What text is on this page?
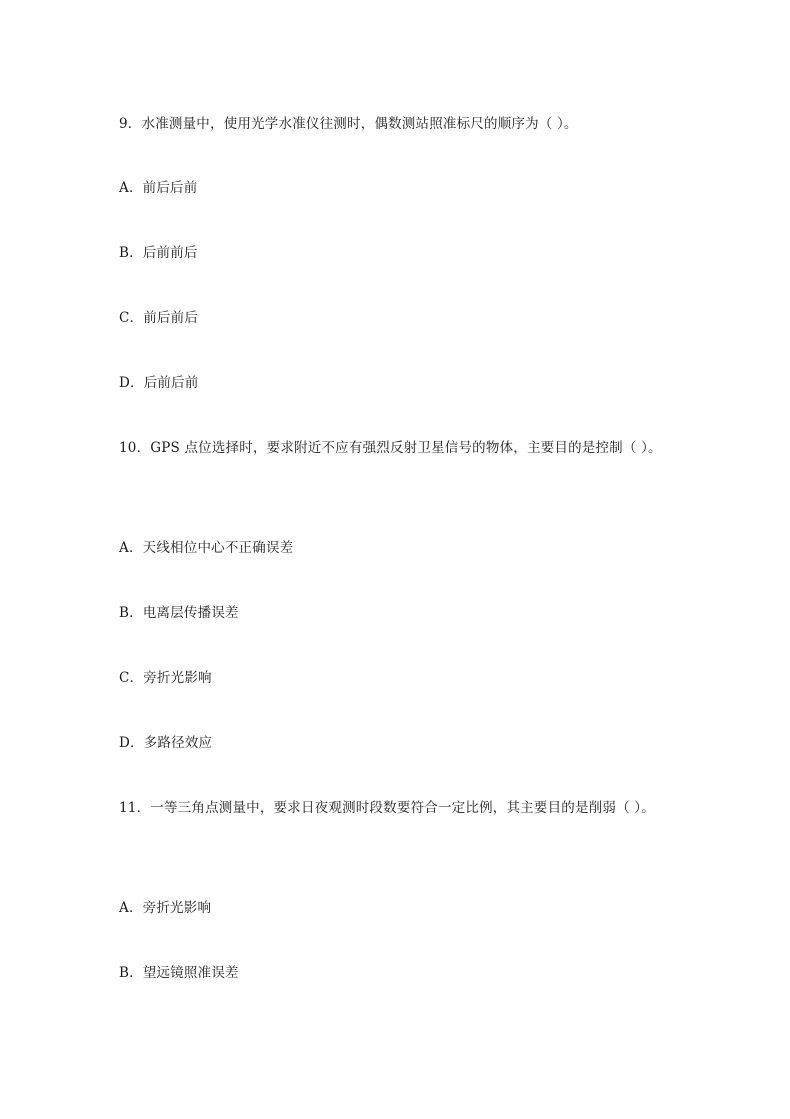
9．水准测量中，使用光学水准仪往测时，偶数测站照准标尺的顺序为（ ）。

A．前后后前

B．后前前后

C．前后前后

D．后前后前

10．GPS 点位选择时，要求附近不应有强烈反射卫星信号的物体，主要目的是控制（ ）。

A．天线相位中心不正确误差

B．电离层传播误差

C．旁折光影响

D．多路径效应

11．一等三角点测量中，要求日夜观测时段数要符合一定比例，其主要目的是削弱（ ）。

A．旁折光影响

B．望远镜照准误差
